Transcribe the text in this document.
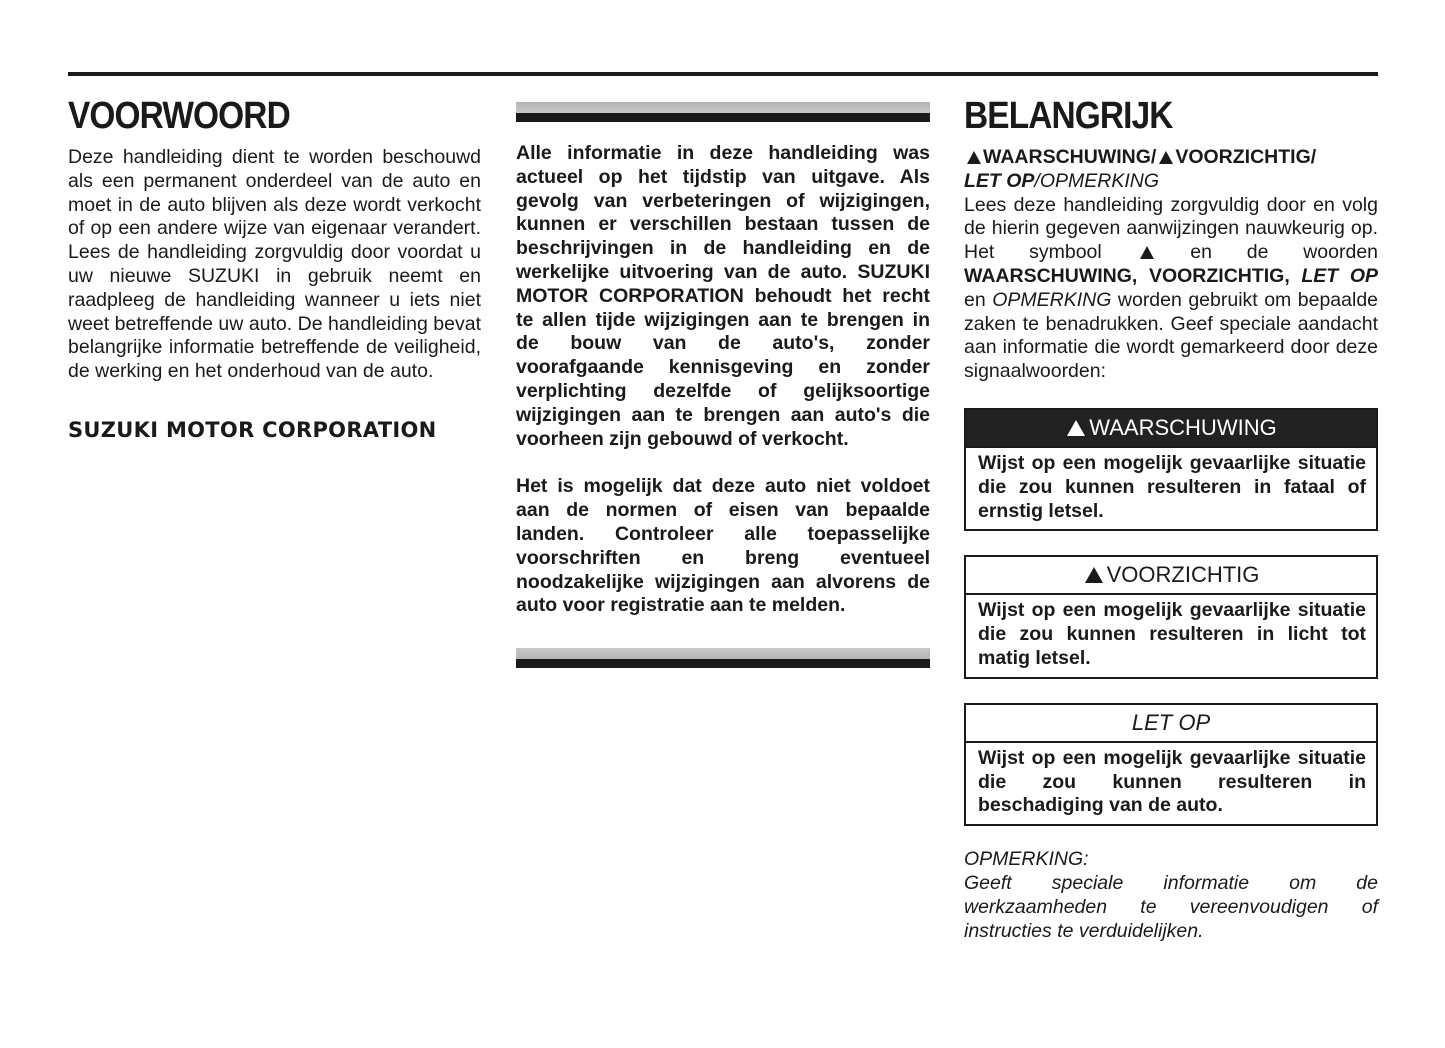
VOORWOORD

Deze handleiding dient te worden beschouwd als een permanent onderdeel van de auto en moet in de auto blijven als deze wordt verkocht of op een andere wijze van eigenaar verandert. Lees de handleiding zorgvuldig door voordat u uw nieuwe SUZUKI in gebruik neemt en raadpleeg de handleiding wanneer u iets niet weet betreffende uw auto. De handleiding bevat belangrijke informatie betreffende de veiligheid, de werking en het onderhoud van de auto.

SUZUKI MOTOR CORPORATION

Alle informatie in deze handleiding was actueel op het tijdstip van uitgave. Als gevolg van verbeteringen of wijzigingen, kunnen er verschillen bestaan tussen de beschrijvingen in de handleiding en de werkelijke uitvoering van de auto. SUZUKI MOTOR CORPORATION behoudt het recht te allen tijde wijzigingen aan te brengen in de bouw van de auto's, zonder voorafgaande kennisgeving en zonder verplichting dezelfde of gelijksoortige wijzigingen aan te brengen aan auto's die voorheen zijn gebouwd of verkocht.

Het is mogelijk dat deze auto niet voldoet aan de normen of eisen van bepaalde landen. Controleer alle toepasselijke voorschriften en breng eventueel noodzakelijke wijzigingen aan alvorens de auto voor registratie aan te melden.

BELANGRIJK
WAARSCHUWING/ VOORZICHTIG/
LET OP/OPMERKING

Lees deze handleiding zorgvuldig door en volg de hierin gegeven aanwijzingen nauwkeurig op. Het symbool	en de woorden WAARSCHUWING, VOORZICHTIG, LET OP en OPMERKING worden gebruikt om bepaalde zaken te benadrukken. Geef speciale aandacht aan informatie die wordt gemarkeerd door deze signaalwoorden:

WAARSCHUWING
Wijst op een mogelijk gevaarlijke situatie die zou kunnen resulteren in fataal of ernstig letsel.
VOORZICHTIG
Wijst op een mogelijk gevaarlijke situatie die zou kunnen resulteren in licht tot matig letsel.
LET OP
Wijst op een mogelijk gevaarlijke situatie die zou kunnen resulteren in beschadiging van de auto.
OPMERKING:

Geeft speciale informatie om de werkzaamheden te vereenvoudigen of instructies te verduidelijken.
